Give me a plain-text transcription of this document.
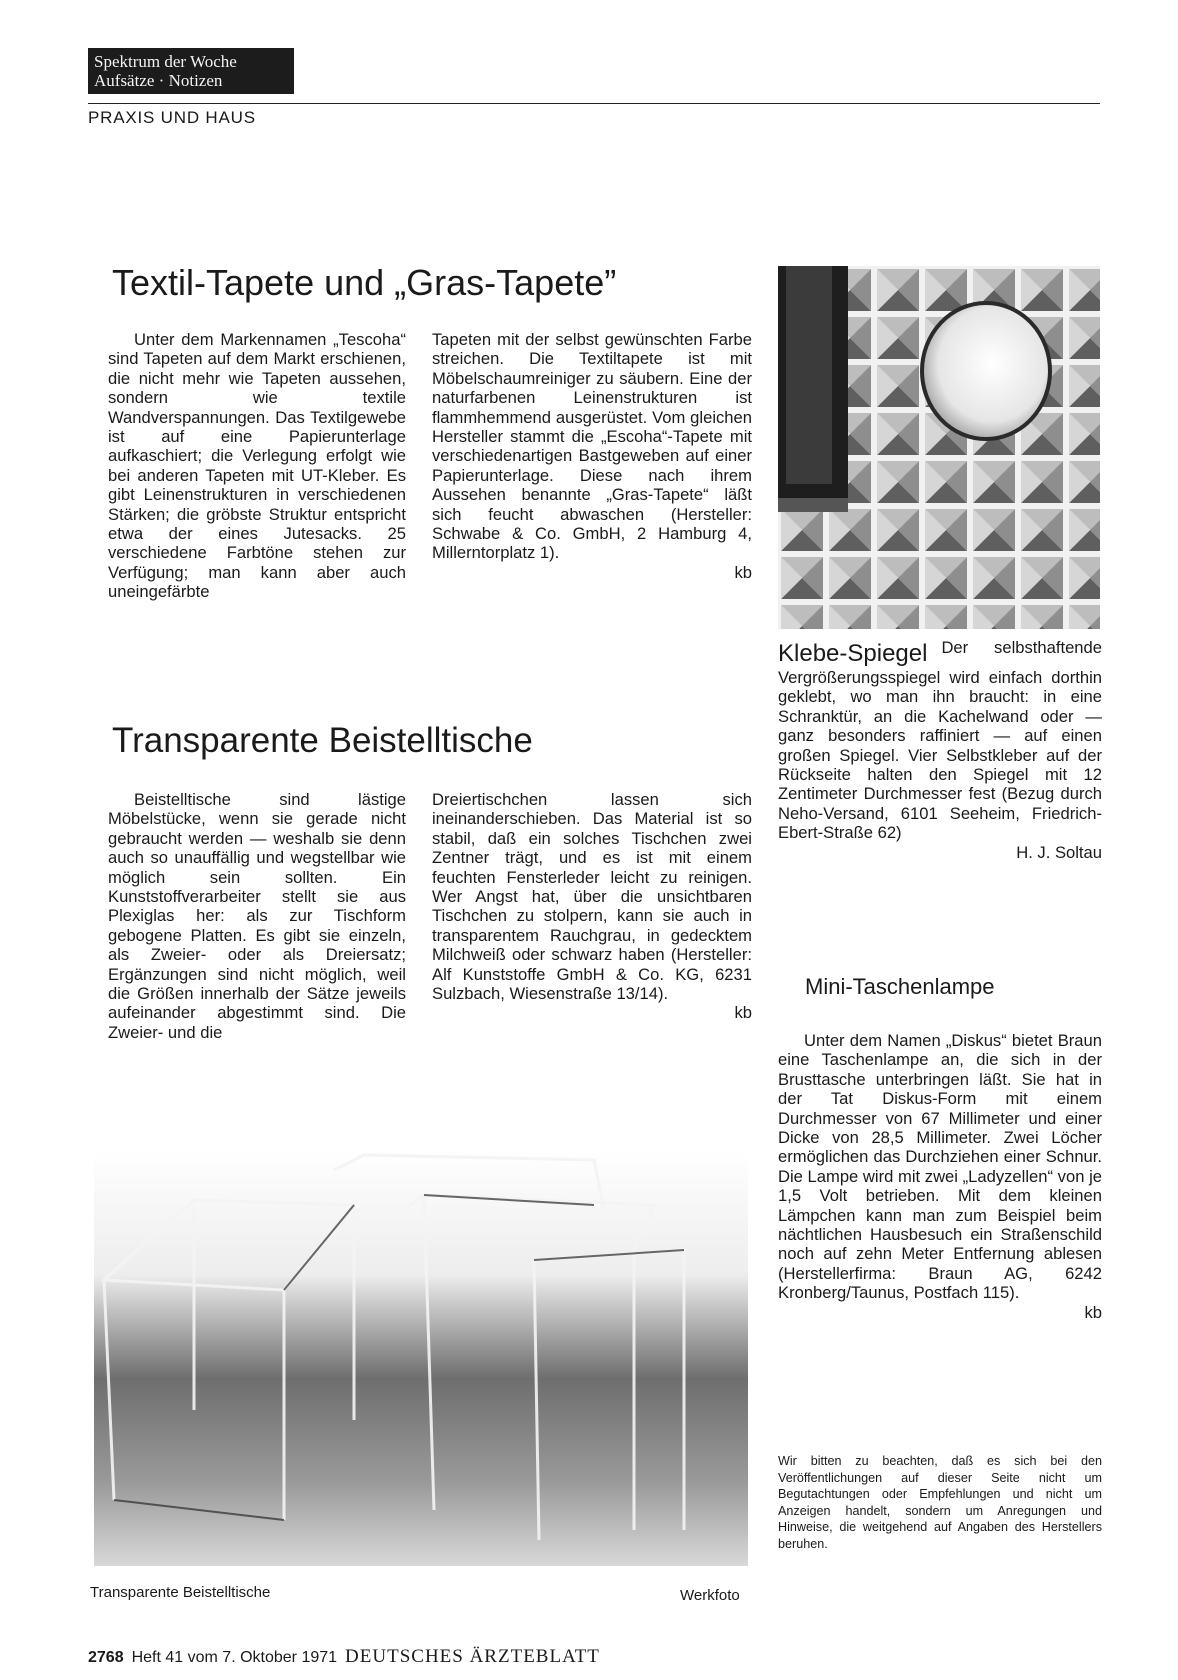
Spektrum der Woche
Aufsätze · Notizen
PRAXIS UND HAUS
Textil-Tapete und „Gras-Tapete”

Unter dem Markennamen „Tescoha“ sind Tapeten auf dem Markt erschienen, die nicht mehr wie Tapeten aussehen, sondern wie textile Wandverspannungen. Das Textilgewebe ist auf eine Papierunterlage aufkaschiert; die Verlegung erfolgt wie bei anderen Tapeten mit UT-Kleber. Es gibt Leinenstrukturen in verschiedenen Stärken; die gröbste Struktur entspricht etwa der eines Jutesacks. 25 verschiedene Farbtöne stehen zur Verfügung; man kann aber auch uneingefärbte

Tapeten mit der selbst gewünschten Farbe streichen. Die Textiltapete ist mit Möbelschaumreiniger zu säubern. Eine der naturfarbenen Leinenstrukturen ist flammhemmend ausgerüstet. Vom gleichen Hersteller stammt die „Escoha“-Tapete mit verschiedenartigen Bastgeweben auf einer Papierunterlage. Diese nach ihrem Aussehen benannte „Gras-Tapete“ läßt sich feucht abwaschen (Hersteller: Schwabe & Co. GmbH, 2 Hamburg 4, Millerntorplatz 1).

kb
Klebe-Spiegel Der selbsthaftende Vergrößerungsspiegel wird einfach dorthin geklebt, wo man ihn braucht: in eine Schranktür, an die Kachelwand oder — ganz besonders raffiniert — auf einen großen Spiegel. Vier Selbstkleber auf der Rückseite halten den Spiegel mit 12 Zentimeter Durchmesser fest (Bezug durch Neho-Versand, 6101 Seeheim, Friedrich-Ebert-Straße 62)
H. J. Soltau
Transparente Beistelltische

Beistelltische sind lästige Möbelstücke, wenn sie gerade nicht gebraucht werden — weshalb sie denn auch so unauffällig und wegstellbar wie möglich sein sollten. Ein Kunststoffverarbeiter stellt sie aus Plexiglas her: als zur Tischform gebogene Platten. Es gibt sie einzeln, als Zweier- oder als Dreiersatz; Ergänzungen sind nicht möglich, weil die Größen innerhalb der Sätze jeweils aufeinander abgestimmt sind. Die Zweier- und die

Dreiertischchen lassen sich ineinanderschieben. Das Material ist so stabil, daß ein solches Tischchen zwei Zentner trägt, und es ist mit einem feuchten Fensterleder leicht zu reinigen. Wer Angst hat, über die unsichtbaren Tischchen zu stolpern, kann sie auch in transparentem Rauchgrau, in gedecktem Milchweiß oder schwarz haben (Hersteller: Alf Kunststoffe GmbH & Co. KG, 6231 Sulzbach, Wiesenstraße 13/14).

kb
Mini-Taschenlampe

Unter dem Namen „Diskus“ bietet Braun eine Taschenlampe an, die sich in der Brusttasche unterbringen läßt. Sie hat in der Tat Diskus-Form mit einem Durchmesser von 67 Millimeter und einer Dicke von 28,5 Millimeter. Zwei Löcher ermöglichen das Durchziehen einer Schnur. Die Lampe wird mit zwei „Ladyzellen“ von je 1,5 Volt betrieben. Mit dem kleinen Lämpchen kann man zum Beispiel beim nächtlichen Hausbesuch ein Straßenschild noch auf zehn Meter Entfernung ablesen (Herstellerfirma: Braun AG, 6242 Kronberg/Taunus, Postfach 115).

kb
Transparente Beistelltische	Werkfoto
Wir bitten zu beachten, daß es sich bei den Veröffentlichungen auf dieser Seite nicht um Begutachtungen oder Empfehlungen und nicht um Anzeigen handelt, sondern um Anregungen und Hinweise, die weitgehend auf Angaben des Herstellers beruhen.
2768 Heft 41 vom 7. Oktober 1971 DEUTSCHES ÄRZTEBLATT
